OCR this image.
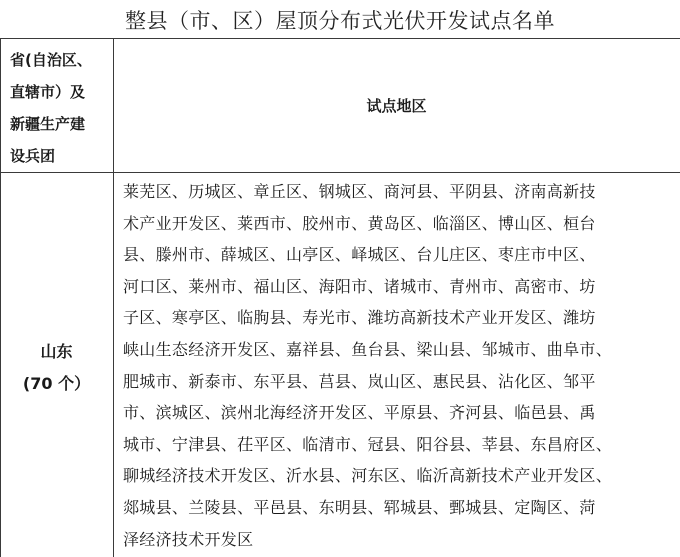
整县（市、区）屋顶分布式光伏开发试点名单
省(自治区、
直辖市）及
新疆生产建
设兵团
试点地区
山东
(70 个）
莱芜区、历城区、章丘区、钢城区、商河县、平阴县、济南高新技
术产业开发区、莱西市、胶州市、黄岛区、临淄区、博山区、桓台
县、滕州市、薛城区、山亭区、峄城区、台儿庄区、枣庄市中区、
河口区、莱州市、福山区、海阳市、诸城市、青州市、高密市、坊
子区、寒亭区、临朐县、寿光市、潍坊高新技术产业开发区、潍坊
峡山生态经济开发区、嘉祥县、鱼台县、梁山县、邹城市、曲阜市、
肥城市、新泰市、东平县、莒县、岚山区、惠民县、沾化区、邹平
市、滨城区、滨州北海经济开发区、平原县、齐河县、临邑县、禹
城市、宁津县、茌平区、临清市、冠县、阳谷县、莘县、东昌府区、
聊城经济技术开发区、沂水县、河东区、临沂高新技术产业开发区、
郯城县、兰陵县、平邑县、东明县、郓城县、鄄城县、定陶区、菏
泽经济技术开发区
